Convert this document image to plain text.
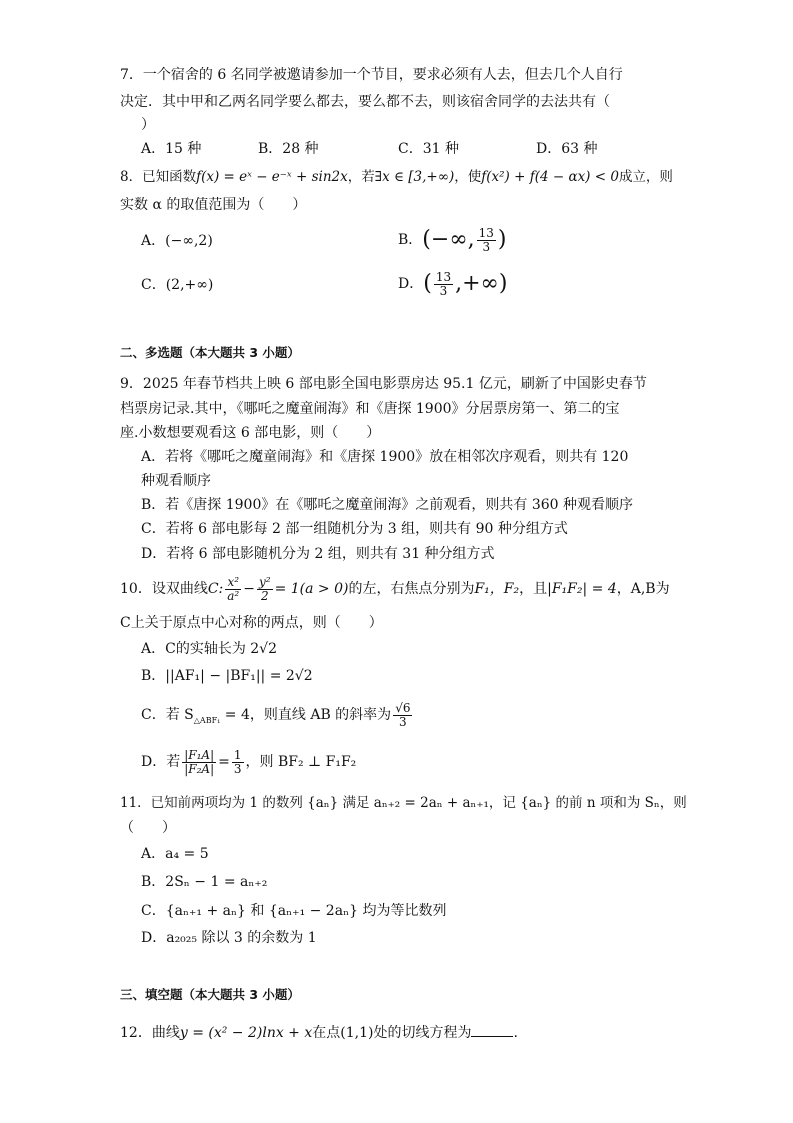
7．一个宿舍的 6 名同学被邀请参加一个节目，要求必须有人去，但去几个人自行
决定．其中甲和乙两名同学要么都去，要么都不去，则该宿舍同学的去法共有（
）
A．15 种	B．28 种	C．31 种	D．63 种
8．已知函数f(x) = eˣ − e⁻ˣ + sin2x，若∃x ∈ [3,+∞)，使f(x²) + f(4 − αx) < 0成立，则
实数 α 的取值范围为（　　）
A．(−∞,2)	B．(−∞, $\frac{13}{3}$ )
C．(2,+∞)	D．( $\frac{13}{3}$ ,+∞)
二、多选题（本大题共 3 小题）
9．2025 年春节档共上映 6 部电影全国电影票房达 95.1 亿元，刷新了中国影史春节
档票房记录.其中，《哪吒之魔童闹海》和《唐探 1900》分居票房第一、第二的宝
座.小数想要观看这 6 部电影，则（　　）
A．若将《哪吒之魔童闹海》和《唐探 1900》放在相邻次序观看，则共有 120
种观看顺序
B．若《唐探 1900》在《哪吒之魔童闹海》之前观看，则共有 360 种观看顺序
C．若将 6 部电影每 2 部一组随机分为 3 组，则共有 90 种分组方式
D．若将 6 部电影随机分为 2 组，则共有 31 种分组方式
10．设双曲线C: $\frac{\text{x²}}{\text{a²}} - \frac{\text{y²}}{2} = 1(a > 0)$的左，右焦点分别为F₁，F₂，且|F₁F₂| = 4，A,B为
C上关于原点中心对称的两点，则（　　）
A．C的实轴长为 2√2
B．||AF₁| − |BF₁|| = 2√2
C．若 $S_{\triangle ABF_1} = 4$，则直线 AB 的斜率为 $\frac{√6}{3}$
D．若 $\frac{\text{|F₁A|}}{\text{|F₂A|}} = \frac{1}{3}$ ，则 BF₂ ⊥ F₁F₂
11．已知前两项均为 1 的数列 {aₙ} 满足 aₙ₊₂ = 2aₙ + aₙ₊₁，记 {aₙ} 的前 n 项和为 Sₙ，则
（　　）
A．a₄ = 5
B．2Sₙ − 1 = aₙ₊₂
C．{aₙ₊₁ + aₙ} 和 {aₙ₊₁ − 2aₙ} 均为等比数列
D．a₂₀₂₅ 除以 3 的余数为 1
三、填空题（本大题共 3 小题）
12．曲线y = (x² − 2)lnx + x在点(1,1)处的切线方程为	.
